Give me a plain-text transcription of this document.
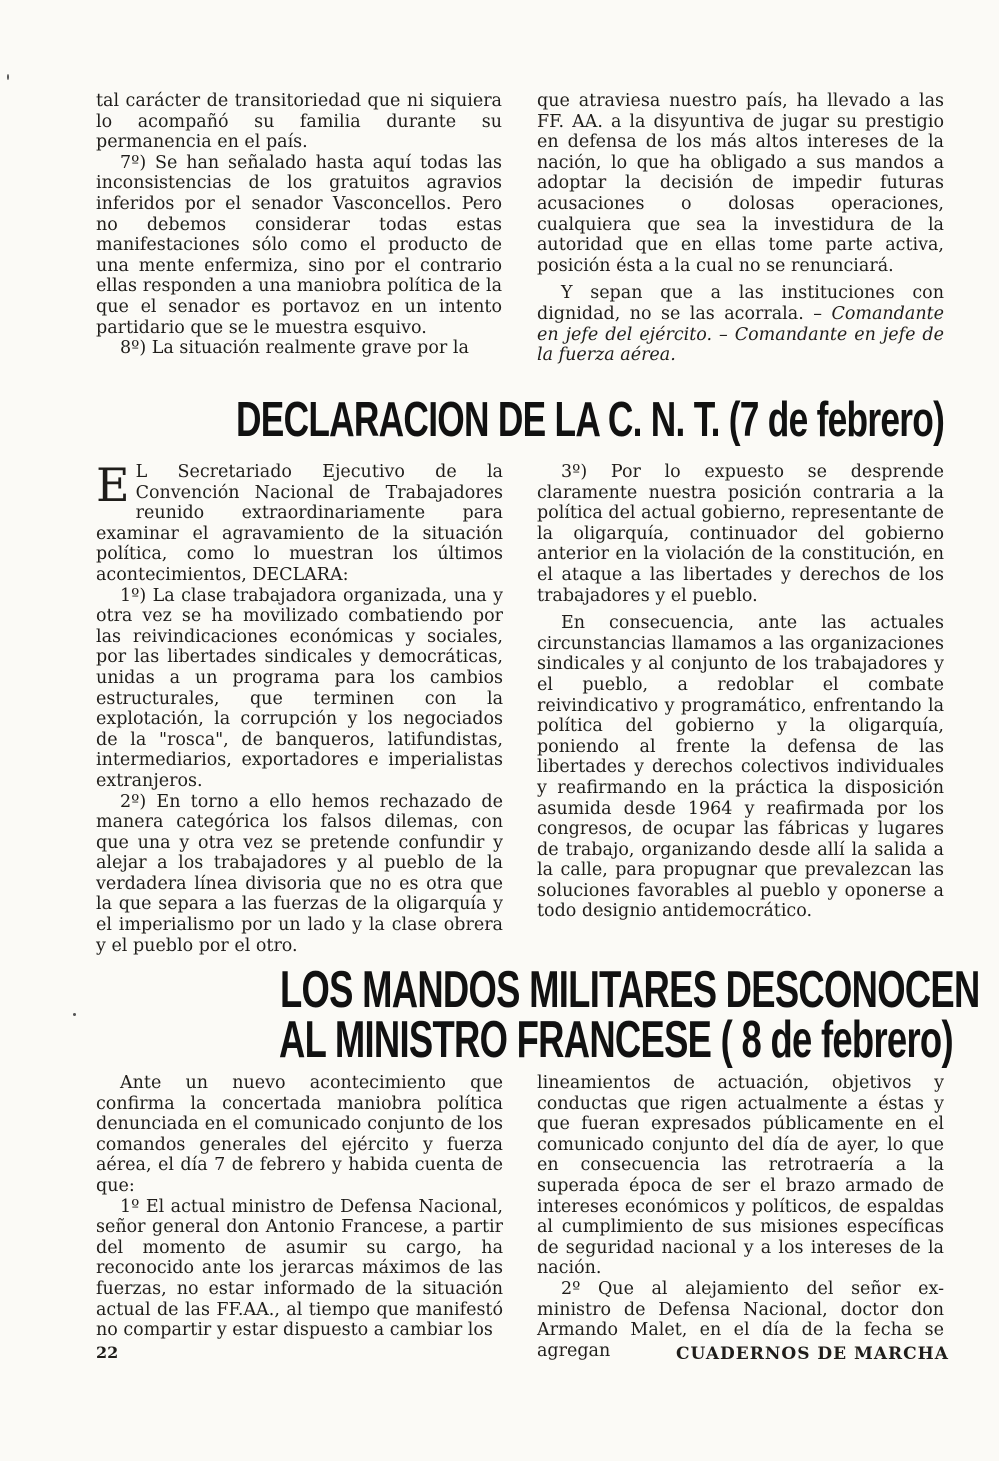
tal carácter de transitoriedad que ni siquiera lo acompañó su familia durante su permanencia en el país.

7º) Se han señalado hasta aquí todas las inconsistencias de los gratuitos agravios inferidos por el senador Vasconcellos. Pero no debemos considerar todas estas manifestaciones sólo como el producto de una mente enfermiza, sino por el contrario ellas responden a una maniobra política de la que el senador es portavoz en un intento partidario que se le muestra esquivo.

8º) La situación realmente grave por la

que atraviesa nuestro país, ha llevado a las FF. AA. a la disyuntiva de jugar su prestigio en defensa de los más altos intereses de la nación, lo que ha obligado a sus mandos a adoptar la decisión de impedir futuras acusaciones o dolosas operaciones, cualquiera que sea la investidura de la autoridad que en ellas tome parte activa, posición ésta a la cual no se renunciará.

Y sepan que a las instituciones con dignidad, no se las acorrala. – Comandante en jefe del ejército. – Comandante en jefe de la fuerza aérea.

DECLARACION DE LA C. N. T. (7 de febrero)

E L Secretariado Ejecutivo de la Convención Nacional de Trabajadores reunido extraordinariamente para examinar el agravamiento de la situación política, como lo muestran los últimos acontecimientos, DECLARA:

1º) La clase trabajadora organizada, una y otra vez se ha movilizado combatiendo por las reivindicaciones económicas y sociales, por las libertades sindicales y democráticas, unidas a un programa para los cambios estructurales, que terminen con la explotación, la corrupción y los negociados de la "rosca", de banqueros, latifundistas, intermediarios, exportadores e imperialistas extranjeros.

2º) En torno a ello hemos rechazado de manera categórica los falsos dilemas, con que una y otra vez se pretende confundir y alejar a los trabajadores y al pueblo de la verdadera línea divisoria que no es otra que la que separa a las fuerzas de la oligarquía y el imperialismo por un lado y la clase obrera y el pueblo por el otro.

3º) Por lo expuesto se desprende claramente nuestra posición contraria a la política del actual gobierno, representante de la oligarquía, continuador del gobierno anterior en la violación de la constitución, en el ataque a las libertades y derechos de los trabajadores y el pueblo.

En consecuencia, ante las actuales circunstancias llamamos a las organizaciones sindicales y al conjunto de los trabajadores y el pueblo, a redoblar el combate reivindicativo y programático, enfrentando la política del gobierno y la oligarquía, poniendo al frente la defensa de las libertades y derechos colectivos individuales y reafirmando en la práctica la disposición asumida desde 1964 y reafirmada por los congresos, de ocupar las fábricas y lugares de trabajo, organizando desde allí la salida a la calle, para propugnar que prevalezcan las soluciones favorables al pueblo y oponerse a todo designio antidemocrático.

LOS MANDOS MILITARES DESCONOCEN
AL MINISTRO FRANCESE ( 8 de febrero)

Ante un nuevo acontecimiento que confirma la concertada maniobra política denunciada en el comunicado conjunto de los comandos generales del ejército y fuerza aérea, el día 7 de febrero y habida cuenta de que:

1º El actual ministro de Defensa Nacional, señor general don Antonio Francese, a partir del momento de asumir su cargo, ha reconocido ante los jerarcas máximos de las fuerzas, no estar informado de la situación actual de las FF.AA., al tiempo que manifestó no compartir y estar dispuesto a cambiar los

lineamientos de actuación, objetivos y conductas que rigen actualmente a éstas y que fueran expresados públicamente en el comunicado conjunto del día de ayer, lo que en consecuencia las retrotraería a la superada época de ser el brazo armado de intereses económicos y políticos, de espaldas al cumplimiento de sus misiones específicas de seguridad nacional y a los intereses de la nación.

2º Que al alejamiento del señor ex-ministro de Defensa Nacional, doctor don Armando Malet, en el día de la fecha se agregan

22	CUADERNOS DE MARCHA
